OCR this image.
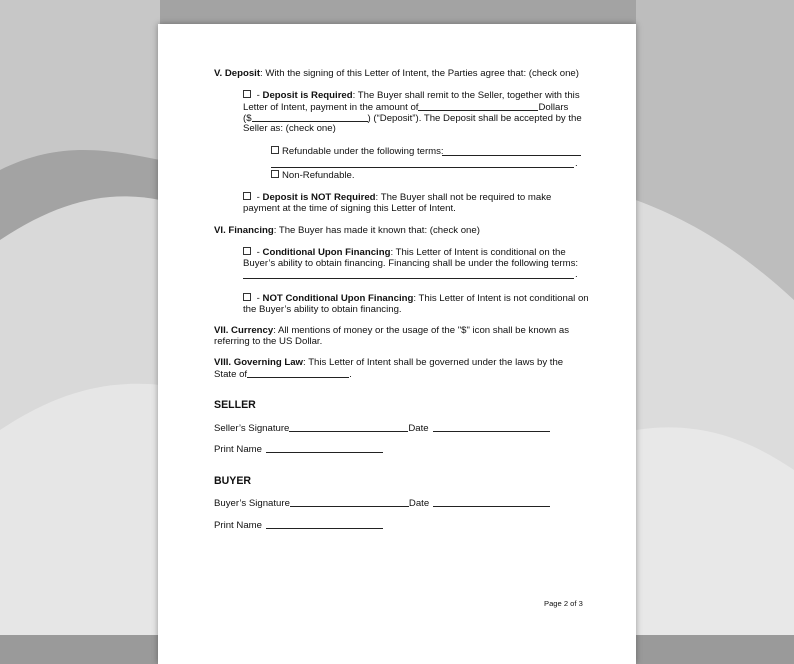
V. Deposit: With the signing of this Letter of Intent, the Parties agree that: (check one)
- Deposit is Required: The Buyer shall remit to the Seller, together with this
Letter of Intent, payment in the amount of	Dollars
($	) (“Deposit”). The Deposit shall be accepted by the
Seller as: (check one)
Refundable under the following terms:
.
Non-Refundable.
- Deposit is NOT Required: The Buyer shall not be required to make
payment at the time of signing this Letter of Intent.
VI. Financing: The Buyer has made it known that: (check one)
- Conditional Upon Financing: This Letter of Intent is conditional on the
Buyer’s ability to obtain financing. Financing shall be under the following terms:
.
- NOT Conditional Upon Financing: This Letter of Intent is not conditional on
the Buyer’s ability to obtain financing.
VII. Currency: All mentions of money or the usage of the "$" icon shall be known as
referring to the US Dollar.
VIII. Governing Law: This Letter of Intent shall be governed under the laws by the
State of	.
SELLER
Seller’s Signature	Date
Print Name
BUYER
Buyer’s Signature	Date
Print Name
Page 2 of 3
